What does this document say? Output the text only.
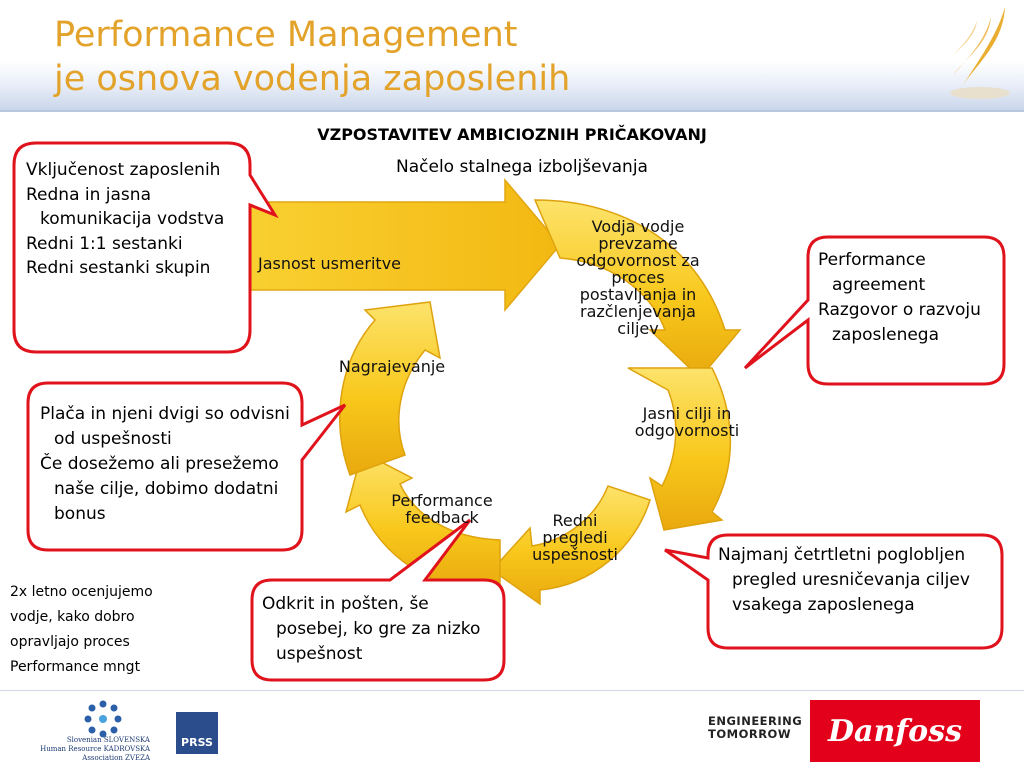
Performance Management
je osnova vodenja zaposlenih
VZPOSTAVITEV AMBICIOZNIH PRIČAKOVANJ
Načelo stalnega izboljševanja
Jasnost usmeritve
Vodja vodje
prevzame
odgovornost za
proces
postavljanja in
razčlenjevanja
ciljev
Jasni cilji in
odgovornosti
Redni
pregledi
uspešnosti
Performance
feedback
Nagrajevanje

Vključenost zaposlenih

Redna in jasna komunikacija vodstva

Redni 1:1 sestanki

Redni sestanki skupin

Plača in njeni dvigi so odvisni od uspešnosti

Če dosežemo ali presežemo naše cilje, dobimo dodatni bonus

Odkrit in pošten, še posebej, ko gre za nizko uspešnost

Performance agreement

Razgovor o razvoju zaposlenega

Najmanj četrtletni poglobljen pregled uresničevanja ciljev vsakega zaposlenega

2x letno ocenjujemo
vodje, kako dobro
opravljajo proces
Performance mngt
Slovenian SLOVENSKA
Human Resource KADROVSKA
Association ZVEZA
PRSS
ENGINEERING
TOMORROW	Danfoss
